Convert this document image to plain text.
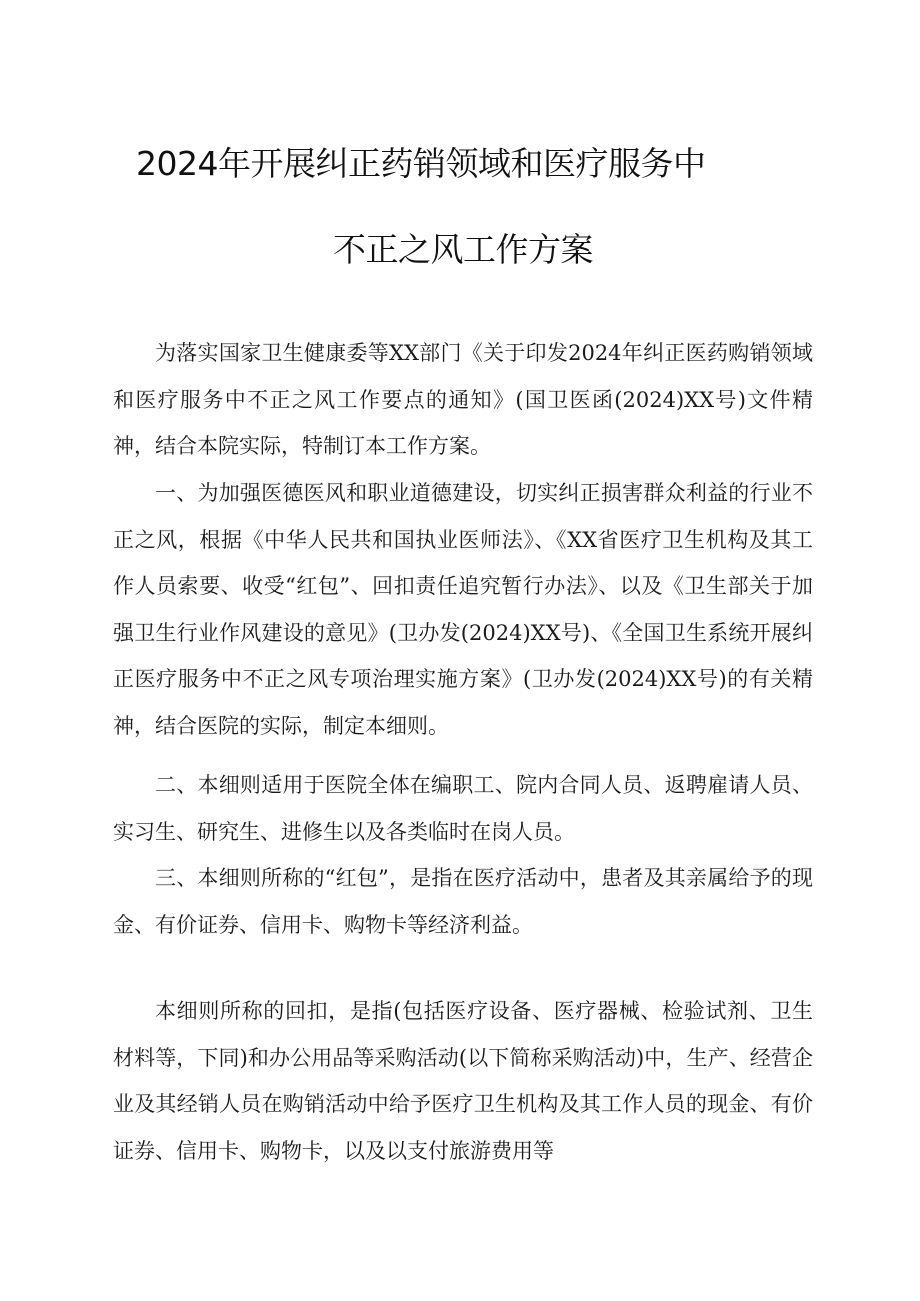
2024年开展纠正药销领域和医疗服务中
不正之风工作方案

为落实国家卫生健康委等XX部门《关于印发2024年纠正医药购销领域和医疗服务中不正之风工作要点的通知》(国卫医函(2024)XX号)文件精神，结合本院实际，特制订本工作方案。

一、为加强医德医风和职业道德建设，切实纠正损害群众利益的行业不正之风，根据《中华人民共和国执业医师法》、《XX省医疗卫生机构及其工作人员索要、收受“红包”、回扣责任追究暂行办法》、以及《卫生部关于加强卫生行业作风建设的意见》(卫办发(2024)XX号)、《全国卫生系统开展纠正医疗服务中不正之风专项治理实施方案》(卫办发(2024)XX号)的有关精神，结合医院的实际，制定本细则。

二、本细则适用于医院全体在编职工、院内合同人员、返聘雇请人员、实习生、研究生、进修生以及各类临时在岗人员。

三、本细则所称的“红包”，是指在医疗活动中，患者及其亲属给予的现金、有价证券、信用卡、购物卡等经济利益。

本细则所称的回扣，是指(包括医疗设备、医疗器械、检验试剂、卫生材料等，下同)和办公用品等采购活动(以下简称采购活动)中，生产、经营企业及其经销人员在购销活动中给予医疗卫生机构及其工作人员的现金、有价证券、信用卡、购物卡，以及以支付旅游费用等
